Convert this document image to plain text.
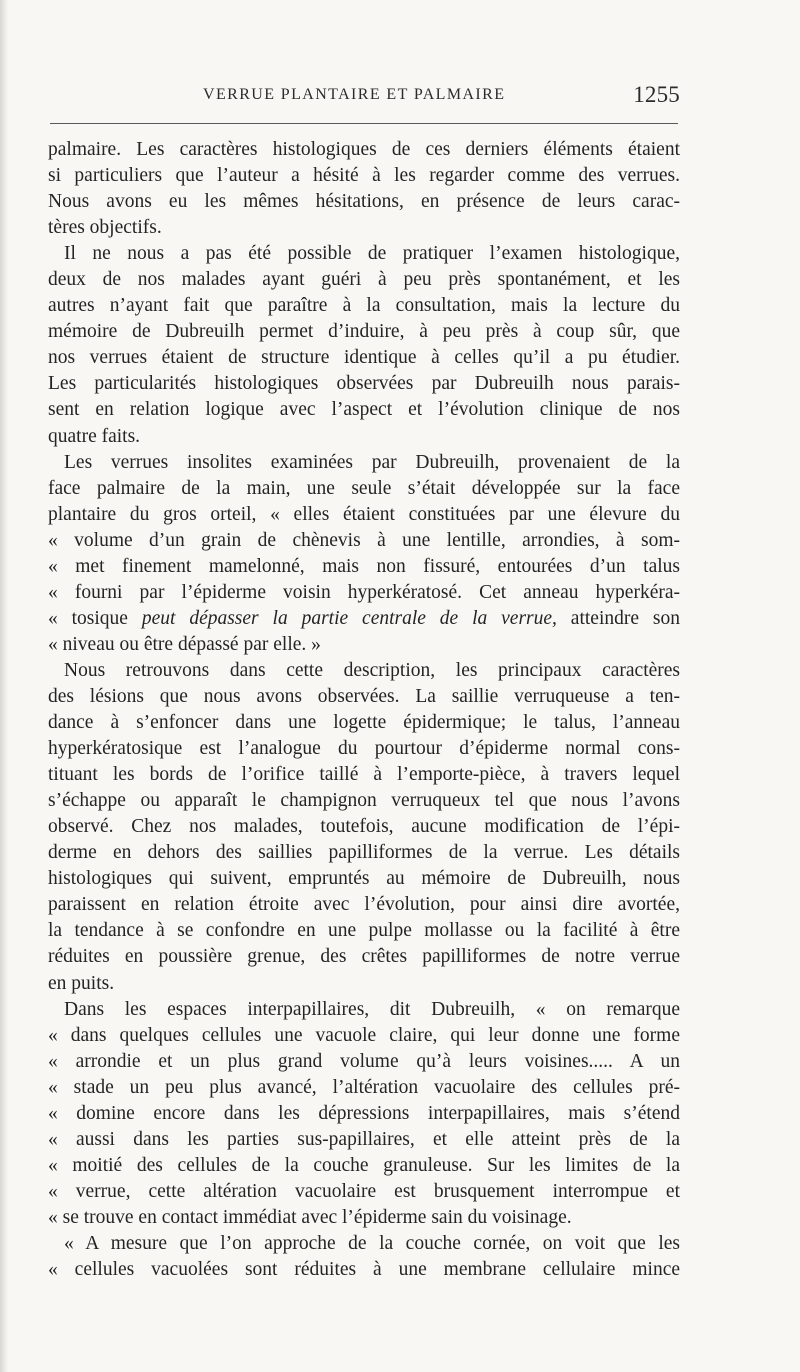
VERRUE PLANTAIRE ET PALMAIRE	1255
palmaire. Les caractères histologiques de ces derniers éléments étaient
si particuliers que l’auteur a hésité à les regarder comme des verrues.
Nous avons eu les mêmes hésitations, en présence de leurs carac-
tères objectifs.
Il ne nous a pas été possible de pratiquer l’examen histologique,
deux de nos malades ayant guéri à peu près spontanément, et les
autres n’ayant fait que paraître à la consultation, mais la lecture du
mémoire de Dubreuilh permet d’induire, à peu près à coup sûr, que
nos verrues étaient de structure identique à celles qu’il a pu étudier.
Les particularités histologiques observées par Dubreuilh nous parais-
sent en relation logique avec l’aspect et l’évolution clinique de nos
quatre faits.
Les verrues insolites examinées par Dubreuilh, provenaient de la
face palmaire de la main, une seule s’était développée sur la face
plantaire du gros orteil, « elles étaient constituées par une élevure du
« volume d’un grain de chènevis à une lentille, arrondies, à som-
« met finement mamelonné, mais non fissuré, entourées d’un talus
« fourni par l’épiderme voisin hyperkératosé. Cet anneau hyperkéra-
« tosique peut dépasser la partie centrale de la verrue, atteindre son
« niveau ou être dépassé par elle. »
Nous retrouvons dans cette description, les principaux caractères
des lésions que nous avons observées. La saillie verruqueuse a ten-
dance à s’enfoncer dans une logette épidermique; le talus, l’anneau
hyperkératosique est l’analogue du pourtour d’épiderme normal cons-
tituant les bords de l’orifice taillé à l’emporte-pièce, à travers lequel
s’échappe ou apparaît le champignon verruqueux tel que nous l’avons
observé. Chez nos malades, toutefois, aucune modification de l’épi-
derme en dehors des saillies papilliformes de la verrue. Les détails
histologiques qui suivent, empruntés au mémoire de Dubreuilh, nous
paraissent en relation étroite avec l’évolution, pour ainsi dire avortée,
la tendance à se confondre en une pulpe mollasse ou la facilité à être
réduites en poussière grenue, des crêtes papilliformes de notre verrue
en puits.
Dans les espaces interpapillaires, dit Dubreuilh, « on remarque
« dans quelques cellules une vacuole claire, qui leur donne une forme
« arrondie et un plus grand volume qu’à leurs voisines..... A un
« stade un peu plus avancé, l’altération vacuolaire des cellules pré-
« domine encore dans les dépressions interpapillaires, mais s’étend
« aussi dans les parties sus-papillaires, et elle atteint près de la
« moitié des cellules de la couche granuleuse. Sur les limites de la
« verrue, cette altération vacuolaire est brusquement interrompue et
« se trouve en contact immédiat avec l’épiderme sain du voisinage.
« A mesure que l’on approche de la couche cornée, on voit que les
« cellules vacuolées sont réduites à une membrane cellulaire mince
